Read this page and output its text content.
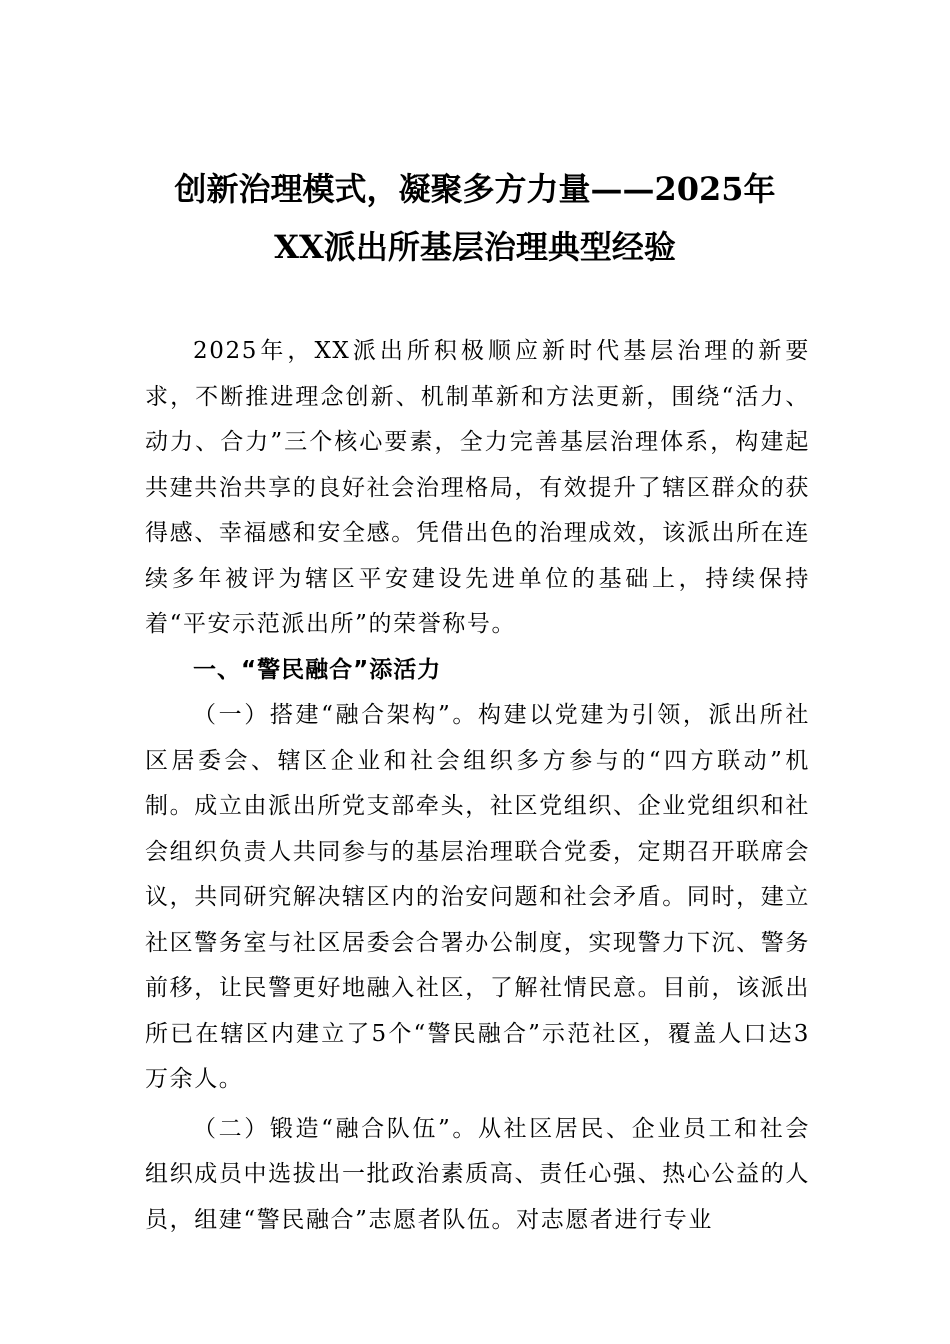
创新治理模式，凝聚多方力量——2025年
XX派出所基层治理典型经验

2025年，XX派出所积极顺应新时代基层治理的新要求，不断推进理念创新、机制革新和方法更新，围绕“活力、动力、合力”三个核心要素，全力完善基层治理体系，构建起共建共治共享的良好社会治理格局，有效提升了辖区群众的获得感、幸福感和安全感。凭借出色的治理成效，该派出所在连续多年被评为辖区平安建设先进单位的基础上，持续保持着“平安示范派出所”的荣誉称号。

一、“警民融合”添活力

（一）搭建“融合架构”。构建以党建为引领，派出所社区居委会、辖区企业和社会组织多方参与的“四方联动”机制。成立由派出所党支部牵头，社区党组织、企业党组织和社会组织负责人共同参与的基层治理联合党委，定期召开联席会议，共同研究解决辖区内的治安问题和社会矛盾。同时，建立社区警务室与社区居委会合署办公制度，实现警力下沉、警务前移，让民警更好地融入社区，了解社情民意。目前，该派出所已在辖区内建立了5个“警民融合”示范社区，覆盖人口达3万余人。

（二）锻造“融合队伍”。从社区居民、企业员工和社会组织成员中选拔出一批政治素质高、责任心强、热心公益的人员，组建“警民融合”志愿者队伍。对志愿者进行专业
